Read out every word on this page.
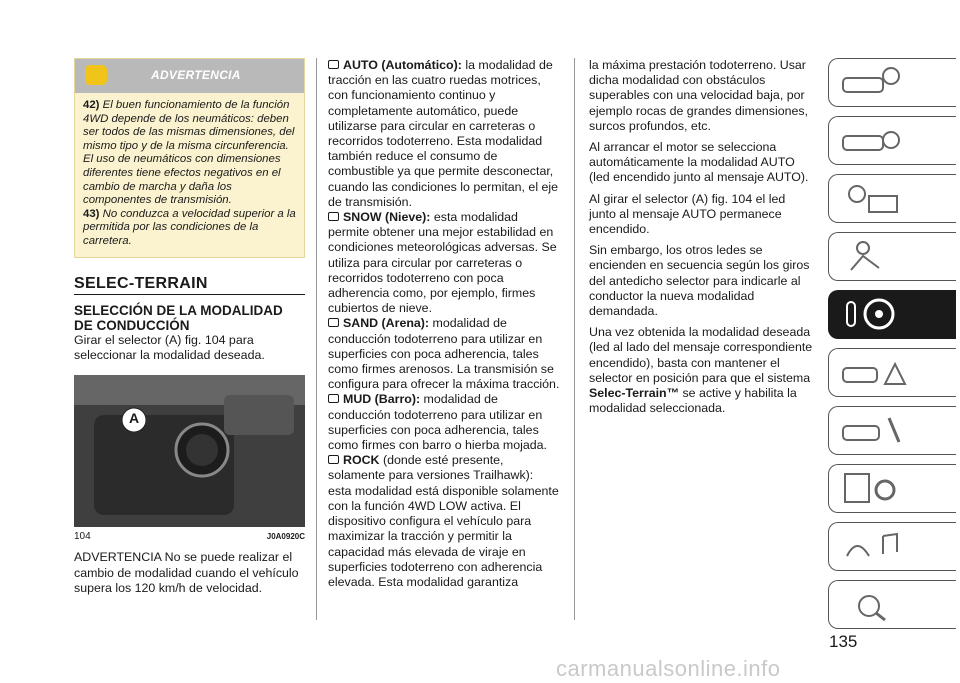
ADVERTENCIA

42) El buen funcionamiento de la función 4WD depende de los neumáticos: deben ser todos de las mismas dimensiones, del mismo tipo y de la misma circunferencia. El uso de neumáticos con dimensiones diferentes tiene efectos negativos en el cambio de marcha y daña los componentes de transmisión.

43) No conduzca a velocidad superior a la permitida por las condiciones de la carretera.

SELEC-TERRAIN
SELECCIÓN DE LA MODALIDAD DE CONDUCCIÓN

Girar el selector (A) fig. 104 para seleccionar la modalidad deseada.

A
104	J0A0920C

ADVERTENCIA No se puede realizar el cambio de modalidad cuando el vehículo supera los 120 km/h de velocidad.

AUTO (Automático): la modalidad de tracción en las cuatro ruedas motrices, con funcionamiento continuo y completamente automático, puede utilizarse para circular en carreteras o recorridos todoterreno. Esta modalidad también reduce el consumo de combustible ya que permite desconectar, cuando las condiciones lo permitan, el eje de transmisión.

SNOW (Nieve): esta modalidad permite obtener una mejor estabilidad en condiciones meteorológicas adversas. Se utiliza para circular por carreteras o recorridos todoterreno con poca adherencia como, por ejemplo, firmes cubiertos de nieve.

SAND (Arena): modalidad de conducción todoterreno para utilizar en superficies con poca adherencia, tales como firmes arenosos. La transmisión se configura para ofrecer la máxima tracción.

MUD (Barro): modalidad de conducción todoterreno para utilizar en superficies con poca adherencia, tales como firmes con barro o hierba mojada.

ROCK (donde esté presente, solamente para versiones Trailhawk): esta modalidad está disponible solamente con la función 4WD LOW activa. El dispositivo configura el vehículo para maximizar la tracción y permitir la capacidad más elevada de viraje en superficies todoterreno con adherencia elevada. Esta modalidad garantiza

la máxima prestación todoterreno. Usar dicha modalidad con obstáculos superables con una velocidad baja, por ejemplo rocas de grandes dimensiones, surcos profundos, etc.

Al arrancar el motor se selecciona automáticamente la modalidad AUTO (led encendido junto al mensaje AUTO).

Al girar el selector (A) fig. 104 el led junto al mensaje AUTO permanece encendido.

Sin embargo, los otros ledes se encienden en secuencia según los giros del antedicho selector para indicarle al conductor la nueva modalidad demandada.

Una vez obtenida la modalidad deseada (led al lado del mensaje correspondiente encendido), basta con mantener el selector en posición para que el sistema Selec-Terrain™ se active y habilita la modalidad seleccionada.

135
carmanualsonline.info
